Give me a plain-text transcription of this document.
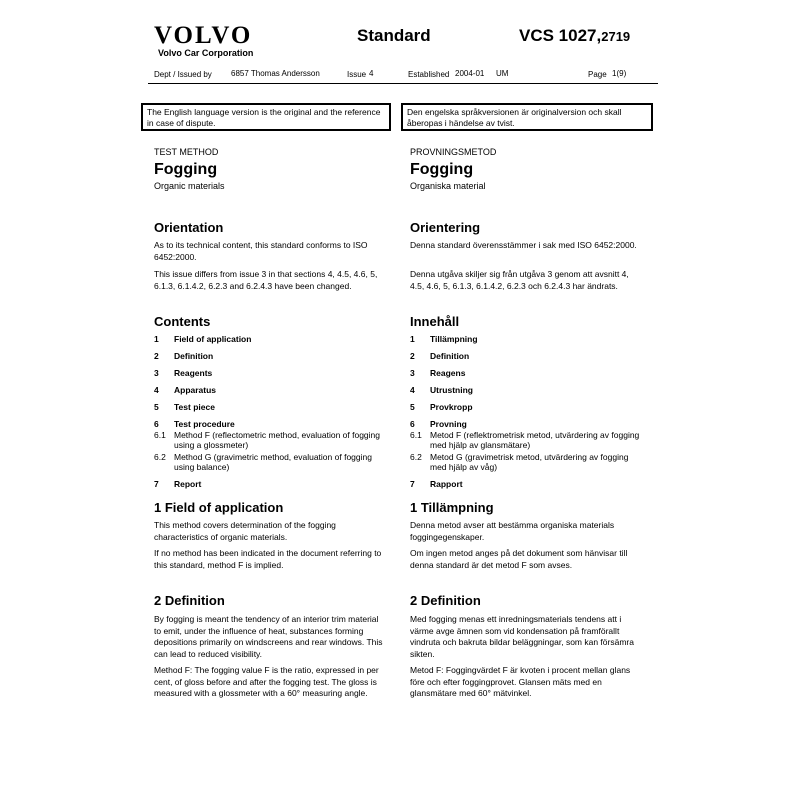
VOLVO
Volvo Car Corporation
Standard	VCS 1027,2719
Dept / Issued by 6857 Thomas Andersson	Issue 4	Established 2004-01 UM	Page 1(9)
The English language version is the original and the reference in case of dispute.
Den engelska språkversionen är originalversion och skall åberopas i händelse av tvist.
TEST METHOD
Fogging
Organic materials
Orientation
As to its technical content, this standard conforms to ISO 6452:2000.
This issue differs from issue 3 in that sections 4, 4.5, 4.6, 5, 6.1.3, 6.1.4.2, 6.2.3 and 6.2.4.3 have been changed.
Contents
1 Field of application
2 Definition
3 Reagents
4 Apparatus
5 Test piece
6 Test procedure
6.1 Method F (reflectometric method, evaluation of fogging using a glossmeter)
6.2 Method G (gravimetric method, evaluation of fogging using balance)
7 Report
1 Field of application
This method covers determination of the fogging characteristics of organic materials.
If no method has been indicated in the document referring to this standard, method F is implied.
2 Definition
By fogging is meant the tendency of an interior trim material to emit, under the influence of heat, substances forming depositions primarily on windscreens and rear windows. This can lead to reduced visibility.
Method F: The fogging value F is the ratio, expressed in per cent, of gloss before and after the fogging test. The gloss is measured with a glossmeter with a 60° measuring angle.
PROVNINGSMETOD
Fogging
Organiska material
Orientering
Denna standard överensstämmer i sak med ISO 6452:2000.
Denna utgåva skiljer sig från utgåva 3 genom att avsnitt 4, 4.5, 4.6, 5, 6.1.3, 6.1.4.2, 6.2.3 och 6.2.4.3 har ändrats.
Innehåll
1 Tillämpning
2 Definition
3 Reagens
4 Utrustning
5 Provkropp
6 Provning
6.1 Metod F (reflektrometrisk metod, utvärdering av fogging med hjälp av glansmätare)
6.2 Metod G (gravimetrisk metod, utvärdering av fogging med hjälp av våg)
7 Rapport
1 Tillämpning
Denna metod avser att bestämma organiska materials foggingegenskaper.
Om ingen metod anges på det dokument som hänvisar till denna standard är det metod F som avses.
2 Definition
Med fogging menas ett inredningsmaterials tendens att i värme avge ämnen som vid kondensation på framförallt vindruta och bakruta bildar beläggningar, som kan försämra sikten.
Metod F: Foggingvärdet F är kvoten i procent mellan glans före och efter foggingprovet. Glansen mäts med en glansmätare med 60° mätvinkel.
